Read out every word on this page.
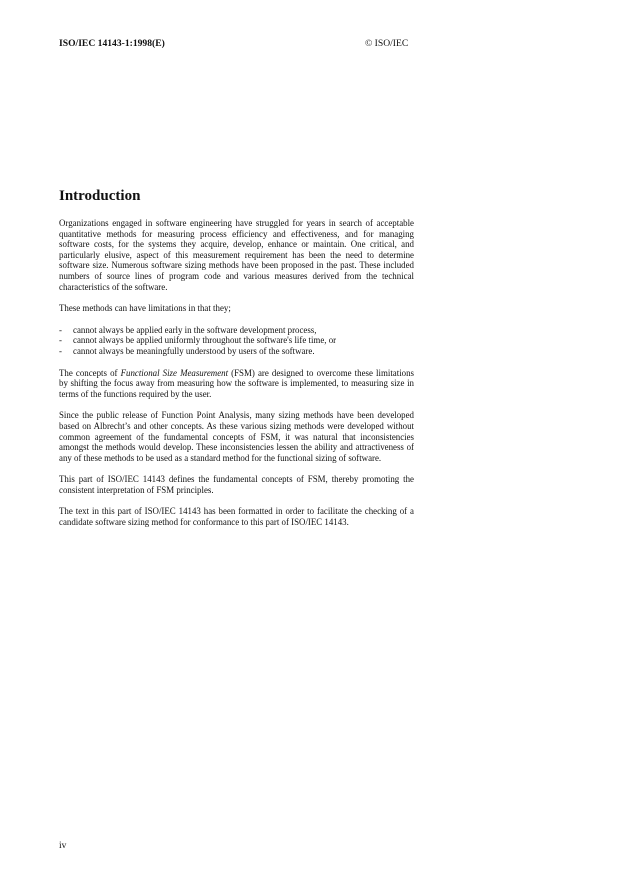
ISO/IEC 14143-1:1998(E)	© ISO/IEC
Introduction

Organizations engaged in software engineering have struggled for years in search of acceptable quantitative methods for measuring process efficiency and effectiveness, and for managing software costs, for the systems they acquire, develop, enhance or maintain. One critical, and particularly elusive, aspect of this measurement requirement has been the need to determine software size. Numerous software sizing methods have been proposed in the past. These included numbers of source lines of program code and various measures derived from the technical characteristics of the software.

These methods can have limitations in that they;

- cannot always be applied early in the software development process,
- cannot always be applied uniformly throughout the software's life time, or
- cannot always be meaningfully understood by users of the software.

The concepts of Functional Size Measurement (FSM) are designed to overcome these limitations by shifting the focus away from measuring how the software is implemented, to measuring size in terms of the functions required by the user.

Since the public release of Function Point Analysis, many sizing methods have been developed based on Albrecht’s and other concepts. As these various sizing methods were developed without common agreement of the fundamental concepts of FSM, it was natural that inconsistencies amongst the methods would develop. These inconsistencies lessen the ability and attractiveness of any of these methods to be used as a standard method for the functional sizing of software.

This part of ISO/IEC 14143 defines the fundamental concepts of FSM, thereby promoting the consistent interpretation of FSM principles.

The text in this part of ISO/IEC 14143 has been formatted in order to facilitate the checking of a candidate software sizing method for conformance to this part of ISO/IEC 14143.

iv
